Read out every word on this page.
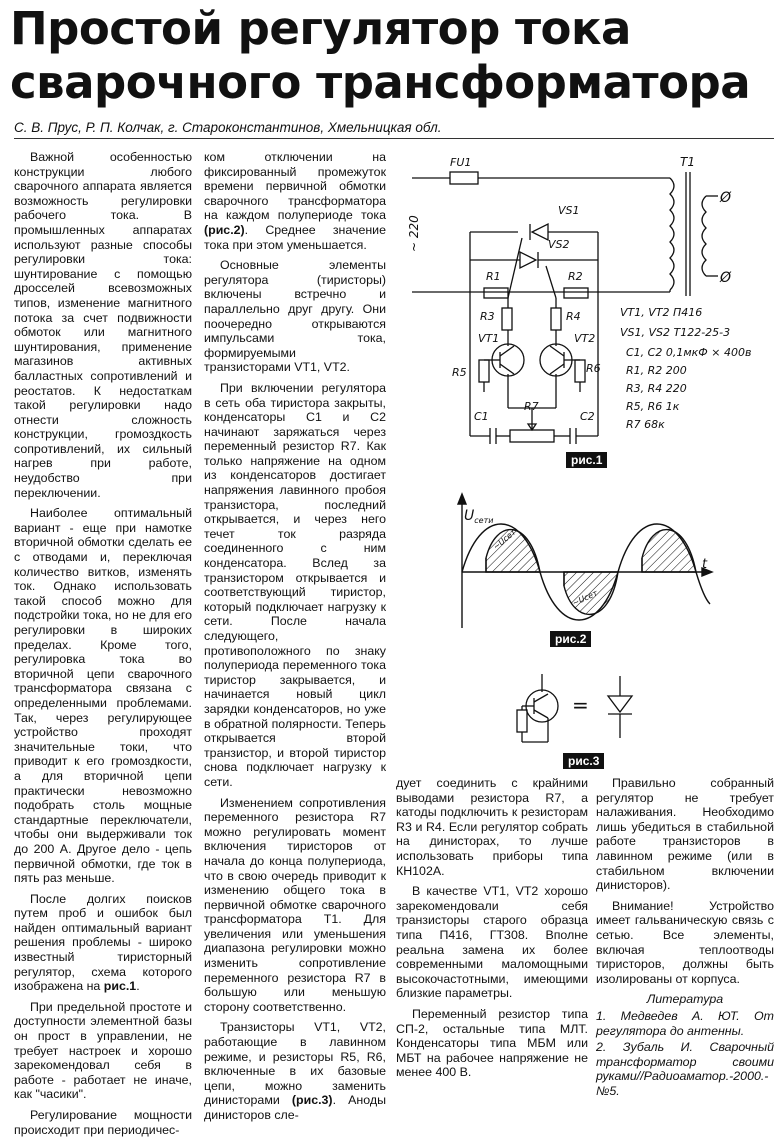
Простой регулятор тока
сварочного трансформатора
С. В. Прус, Р. П. Колчак, г. Староконстантинов, Хмельницкая обл.

Важной особенностью конструкции любого сварочного аппарата является возможность регулировки рабочего тока. В промышленных аппаратах используют разные способы регулировки тока: шунтирование с помощью дросселей всевозможных типов, изменение магнитного потока за счет подвижности обмоток или магнитного шунтирования, применение магазинов активных балластных сопротивлений и реостатов. К недостаткам такой регулировки надо отнести сложность конструкции, громоздкость сопротивлений, их сильный нагрев при работе, неудобство при переключении.

Наиболее оптимальный вариант - еще при намотке вторичной обмотки сделать ее с отводами и, переключая количество витков, изменять ток. Однако использовать такой способ можно для подстройки тока, но не для его регулировки в широких пределах. Кроме того, регулировка тока во вторичной цепи сварочного трансформатора связана с определенными проблемами. Так, через регулирующее устройство проходят значительные токи, что приводит к его громоздкости, а для вторичной цепи практически невозможно подобрать столь мощные стандартные переключатели, чтобы они выдерживали ток до 200 А. Другое дело - цепь первичной обмотки, где ток в пять раз меньше.

После долгих поисков путем проб и ошибок был найден оптимальный вариант решения проблемы - широко известный тиристорный регулятор, схема которого изображена на рис.1.

При предельной простоте и доступности элементной базы он прост в управлении, не требует настроек и хорошо зарекомендовал себя в работе - работает не иначе, как "часики".

Регулирование мощности происходит при периодичес-

ком отключении на фиксированный промежуток времени первичной обмотки сварочного трансформатора на каждом полупериоде тока (рис.2). Среднее значение тока при этом уменьшается.

Основные элементы регулятора (тиристоры) включены встречно и параллельно друг другу. Они поочередно открываются импульсами тока, формируемыми транзисторами VT1, VT2.

При включении регулятора в сеть оба тиристора закрыты, конденсаторы С1 и С2 начинают заряжаться через переменный резистор R7. Как только напряжение на одном из конденсаторов достигает напряжения лавинного пробоя транзистора, последний открывается, и через него течет ток разряда соединенного с ним конденсатора. Вслед за транзистором открывается и соответствующий тиристор, который подключает нагрузку к сети. После начала следующего, противоположного по знаку полупериода переменного тока тиристор закрывается, и начинается новый цикл зарядки конденсаторов, но уже в обратной полярности. Теперь открывается второй транзистор, и второй тиристор снова подключает нагрузку к сети.

Изменением сопротивления переменного резистора R7 можно регулировать момент включения тиристоров от начала до конца полупериода, что в свою очередь приводит к изменению общего тока в первичной обмотке сварочного трансформатора Т1. Для увеличения или уменьшения диапазона регулировки можно изменить сопротивление переменного резистора R7 в большую или меньшую сторону соответственно.

Транзисторы VT1, VT2, работающие в лавинном режиме, и резисторы R5, R6, включенные в их базовые цепи, можно заменить динисторами (рис.3). Аноды динисторов сле-

дует соединить с крайними выводами резистора R7, а катоды подключить к резисторам R3 и R4. Если регулятор собрать на динисторах, то лучше использовать приборы типа КН102А.

В качестве VT1, VT2 хорошо зарекомендовали себя транзисторы старого образца типа П416, ГТ308. Вполне реальна замена их более современными маломощными высокочастотными, имеющими близкие параметры.

Переменный резистор типа СП-2, остальные типа МЛТ. Конденсаторы типа МБМ или МБТ на рабочее напряжение не менее 400 В.

Правильно собранный регулятор не требует налаживания. Необходимо лишь убедиться в стабильной работе транзисторов в лавинном режиме (или в стабильном включении динисторов).

Внимание! Устройство имеет гальваническую связь с сетью. Все элементы, включая теплоотводы тиристоров, должны быть изолированы от корпуса.

Литература

1. Медведев А. ЮТ. От регулятора до антенны.

2. Зубаль И. Сварочный трансформатор своими руками//Радиоаматор.-2000.-№5.

FU1
~ 220
T1
Ø
Ø
VS1
VS2
R1	R2
R3	R4
VT1	VT2
R5	R6
C1
R7
C2
VT1, VT2 П416
VS1, VS2 Т122-25-3
C1, C2 0,1мкФ × 400в
R1, R2 200
R3, R4 220
R5, R6 1к
R7 68к
рис.1
$U_{сети}$
t
~Uсет
~Uсет
рис.2
=
рис.3
